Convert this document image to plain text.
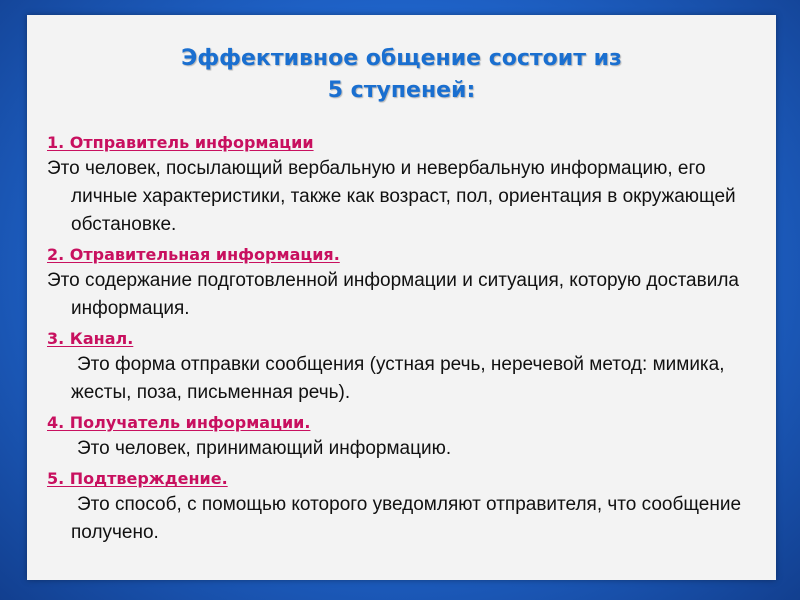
Эффективное общение состоит из
5 ступеней:

1. Отправитель информации

Это человек, посылающий вербальную и невербальную информацию, его личные характеристики, также как возраст, пол, ориентация в окружающей обстановке.

2. Отравительная информация.

Это содержание подготовленной информации и ситуация, которую доставила информация.

3. Канал.

Это форма отправки сообщения (устная речь, неречевой метод: мимика, жесты, поза, письменная речь).

4. Получатель информации.

Это человек, принимающий информацию.

5. Подтверждение.

Это способ, с помощью которого уведомляют отправителя, что сообщение получено.
